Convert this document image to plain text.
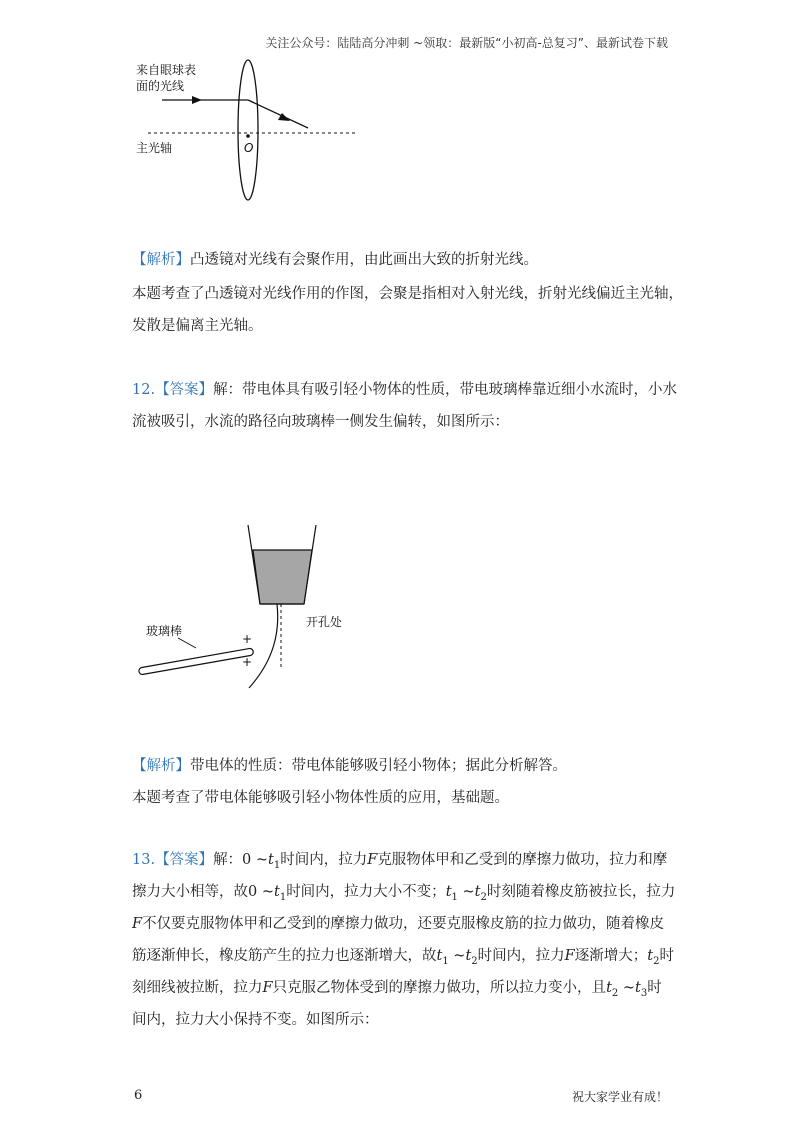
关注公众号：陆陆高分冲刺 ~领取：最新版“小初高-总复习”、最新试卷下载
来自眼球表
面的光线
O
主光轴
【解析】凸透镜对光线有会聚作用，由此画出大致的折射光线。
本题考查了凸透镜对光线作用的作图，会聚是指相对入射光线，折射光线偏近主光轴，
发散是偏离主光轴。
12.【答案】解：带电体具有吸引轻小物体的性质，带电玻璃棒靠近细小水流时，小水
流被吸引，水流的路径向玻璃棒一侧发生偏转，如图所示：
开孔处
玻璃棒
+
+
【解析】带电体的性质：带电体能够吸引轻小物体；据此分析解答。
本题考查了带电体能够吸引轻小物体性质的应用，基础题。
13.【答案】解：0 $\sim t_1$时间内，拉力F克服物体甲和乙受到的摩擦力做功，拉力和摩
擦力大小相等，故0 $\sim t_1$时间内，拉力大小不变；$t_1$ $\sim t_2$时刻随着橡皮筋被拉长，拉力
F不仅要克服物体甲和乙受到的摩擦力做功，还要克服橡皮筋的拉力做功，随着橡皮
筋逐渐伸长，橡皮筋产生的拉力也逐渐增大，故$t_1$ $\sim t_2$时间内，拉力F逐渐增大；$t_2$时
刻细线被拉断，拉力F只克服乙物体受到的摩擦力做功，所以拉力变小，且$t_2$ $\sim t_3$时
间内，拉力大小保持不变。如图所示：
6	祝大家学业有成！
